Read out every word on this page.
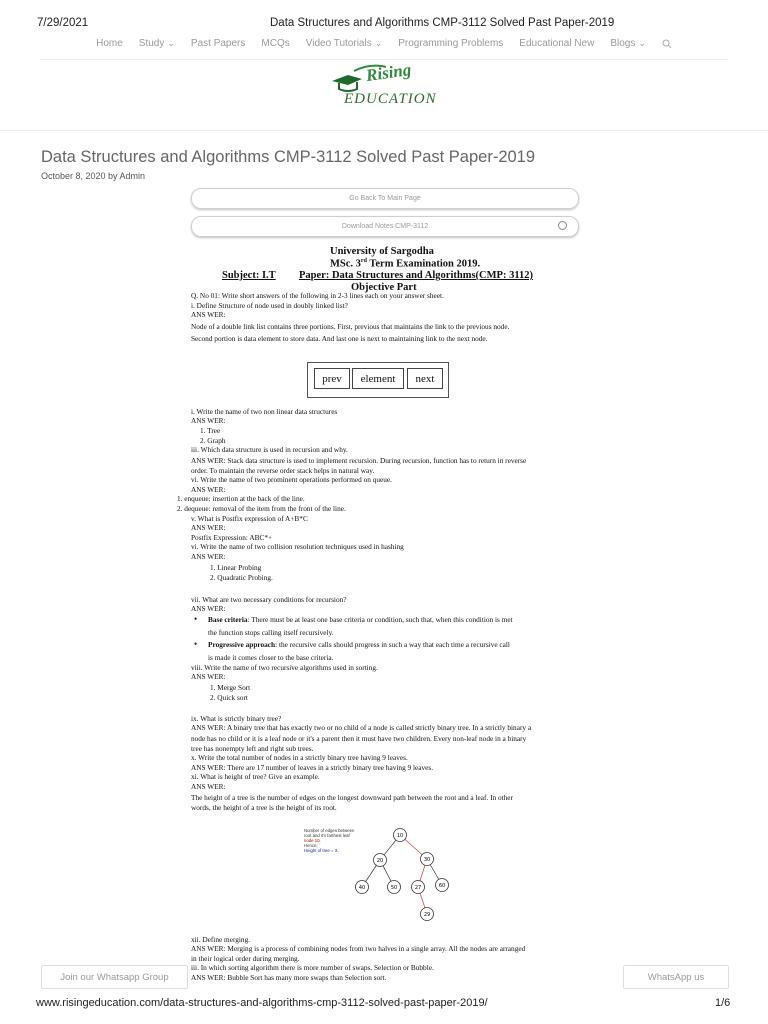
7/29/2021	Data Structures and Algorithms CMP-3112 Solved Past Paper-2019
Home Study ⌄ Past Papers MCQs Video Tutorials ⌄ Programming Problems Educational New Blogs ⌄
Rising
EDUCATION
Data Structures and Algorithms CMP-3112 Solved Past Paper-2019
October 8, 2020 by Admin
Go Back To Main Page
Download Notes CMP-3112
University of Sargodha
MSc. 3rd Term Examination 2019.
Subject: I.T Paper: Data Structures and Algorithms(CMP: 3112)
Objective Part
prev	element	next
Q. No 01: Write short answers of the following in 2-3 lines each on your answer sheet.
i. Define Structure of node used in doubly linked list?
ANS WER:
Node of a double link list contains three portions. First, previous that maintains the link to the previous node.
Second portion is data element to store data. And last one is next to maintaining link to the next node.
i. Write the name of two non linear data structures
ANS WER:
1. Tree
2. Graph
iii. Which data structure is used in recursion and why.
ANS WER: Stack data structure is used to implement recursion. During recursion, function has to return in reverse
order. To maintain the reverse order stack helps in natural way.
vi. Write the name of two prominent operations performed on queue.
ANS WER:
1. enqueue: insertion at the back of the line.
2. dequeue: removal of the item from the front of the line.
v. What is Postfix expression of A+B*C
ANS WER:
Postfix Expression: ABC*+
vi. Write the name of two collision resolution techniques used in hashing
ANS WER:
1. Linear Probing
2. Quadratic Probing.
vii. What are two necessary conditions for recursion?
ANS WER:
• Base criteria: There must be at least one base criteria or condition, such that, when this condition is met
the function stops calling itself recursively.
• Progressive approach: the recursive calls should progress in such a way that each time a recursive call
is made it comes closer to the base criteria.
viii. Write the name of two recursive algorithms used in sorting.
ANS WER:
1. Merge Sort
2. Quick sort
ix. What is strictly binary tree?
ANS WER: A binary tree that has exactly two or no child of a node is called strictly binary tree. In a strictly binary a
node has no child or it is a leaf node or it's a parent then it must have two children. Every non-leaf node in a binary
tree has nonempty left and right sub trees.
x. Write the total number of nodes in a strictly binary tree having 9 leaves.
ANS WER: There are 17 number of leaves in a strictly binary tree having 9 leaves.
xi. What is height of tree? Give an example.
ANS WER:
The height of a tree is the number of edges on the longest downward path between the root and a leaf. In other
words, the height of a tree is the height of its root.
xii. Define merging.
ANS WER: Merging is a process of combining nodes from two halves in a single array. All the nodes are arranged
in their logical order during merging.
iii. In which sorting algorithm there is more number of swaps. Selection or Bubble.
ANS WER: Bubble Sort has many more swaps than Selection sort.
Number of edges between
root and it's farthest leaf
node 10.
Hence,
Height of tree = 3.
10
20	30
40	50	27	60
29
Join our Whatsapp Group	WhatsApp us
www.risingeducation.com/data-structures-and-algorithms-cmp-3112-solved-past-paper-2019/	1/6
